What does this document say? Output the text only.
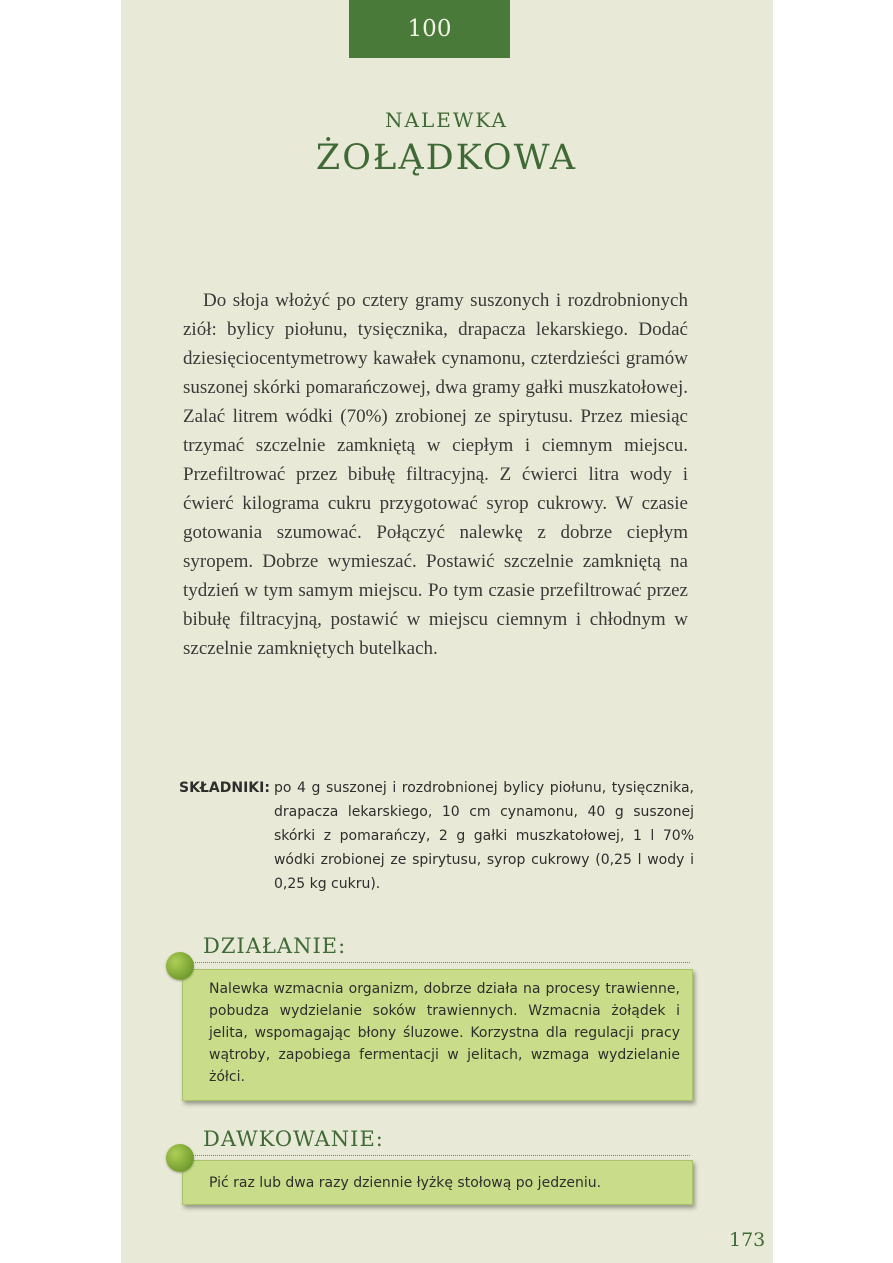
100
NALEWKA
ŻOŁĄDKOWA
Do słoja włożyć po cztery gramy suszonych i rozdrobnionych ziół: bylicy piołunu, tysięcznika, drapacza lekarskiego. Dodać dziesięciocentymetrowy kawałek cynamonu, czterdzieści gramów suszonej skórki pomarańczowej, dwa gramy gałki muszkatołowej. Zalać litrem wódki (70%) zrobionej ze spirytusu. Przez miesiąc trzymać szczelnie zamkniętą w ciepłym i ciemnym miejscu. Przefiltrować przez bibułę filtracyjną. Z ćwierci litra wody i ćwierć kilograma cukru przygotować syrop cukrowy. W czasie gotowania szumować. Połączyć nalewkę z dobrze ciepłym syropem. Dobrze wymieszać. Postawić szczelnie zamkniętą na tydzień w tym samym miejscu. Po tym czasie przefiltrować przez bibułę filtracyjną, postawić w miejscu ciemnym i chłodnym w szczelnie zamkniętych butelkach.
SKŁADNIKI: po 4 g suszonej i rozdrobnionej bylicy piołunu, tysięcznika, drapacza lekarskiego, 10 cm cynamonu, 40 g suszonej skórki z pomarańczy, 2 g gałki muszkatołowej, 1 l 70% wódki zrobionej ze spirytusu, syrop cukrowy (0,25 l wody i 0,25 kg cukru).
DZIAŁANIE:
Nalewka wzmacnia organizm, dobrze działa na procesy trawienne, pobudza wydzielanie soków trawiennych. Wzmacnia żołądek i jelita, wspomagając błony śluzowe. Korzystna dla regulacji pracy wątroby, zapobiega fermentacji w jelitach, wzmaga wydzielanie żółci.
DAWKOWANIE:
Pić raz lub dwa razy dziennie łyżkę stołową po jedzeniu.
173
